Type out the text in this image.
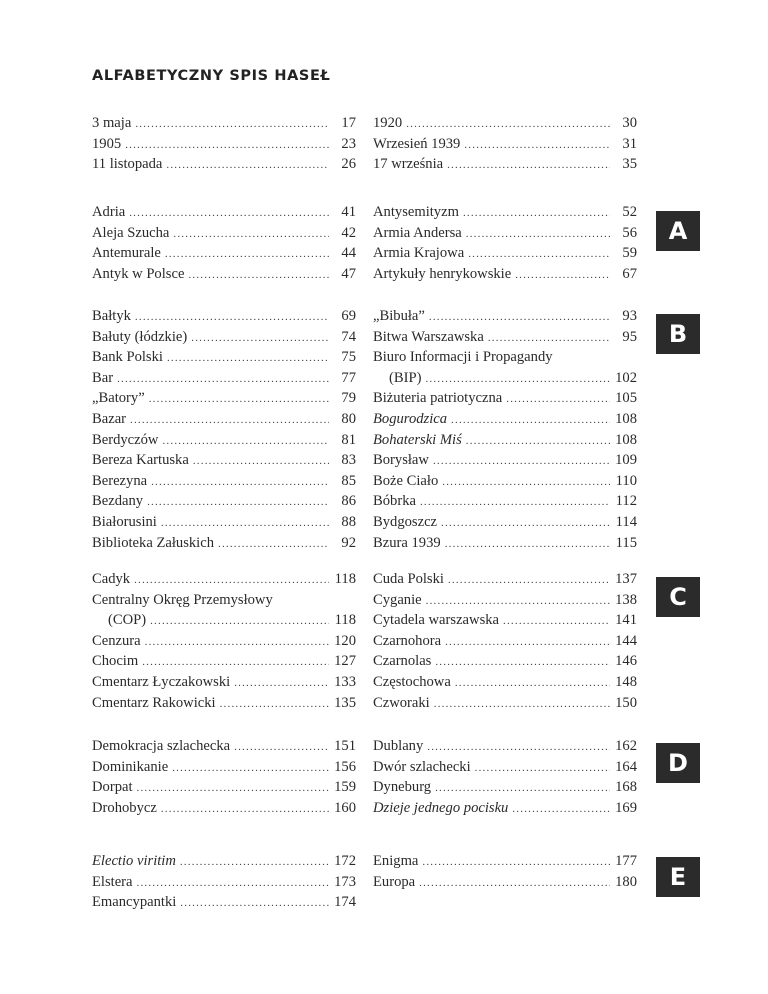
ALFABETYCZNY SPIS HASEŁ
3 maja .....	17
1905 .....	23
11 listopada .....	26
1920 .....	30
Wrzesień 1939 .....	31
17 września .....	35
Adria .....	41
Aleja Szucha .....	42
Antemurale .....	44
Antyk w Polsce .....	47
Antysemityzm .....	52
Armia Andersa .....	56
Armia Krajowa .....	59
Artykuły henrykowskie .....	67
A
Bałtyk .....	69
Bałuty (łódzkie) .....	74
Bank Polski .....	75
Bar .....	77
„Batory” .....	79
Bazar .....	80
Berdyczów .....	81
Bereza Kartuska .....	83
Berezyna .....	85
Bezdany .....	86
Białorusini .....	88
Biblioteka Załuskich .....	92
„Bibuła” .....	93
Bitwa Warszawska .....	95
Biuro Informacji i Propagandy
(BIP) .....	102
Biżuteria patriotyczna .....	105
Bogurodzica .....	108
Bohaterski Miś .....	108
Borysław .....	109
Boże Ciało .....	110
Bóbrka .....	112
Bydgoszcz .....	114
Bzura 1939 .....	115
B
Cadyk .....	118
Centralny Okręg Przemysłowy
(COP) .....	118
Cenzura .....	120
Chocim .....	127
Cmentarz Łyczakowski .....	133
Cmentarz Rakowicki .....	135
Cuda Polski .....	137
Cyganie .....	138
Cytadela warszawska .....	141
Czarnohora .....	144
Czarnolas .....	146
Częstochowa .....	148
Czworaki .....	150
C
Demokracja szlachecka .....	151
Dominikanie .....	156
Dorpat .....	159
Drohobycz .....	160
Dublany .....	162
Dwór szlachecki .....	164
Dyneburg .....	168
Dzieje jednego pocisku .....	169
D
Electio viritim .....	172
Elstera .....	173
Emancypantki .....	174
Enigma .....	177
Europa .....	180	E
